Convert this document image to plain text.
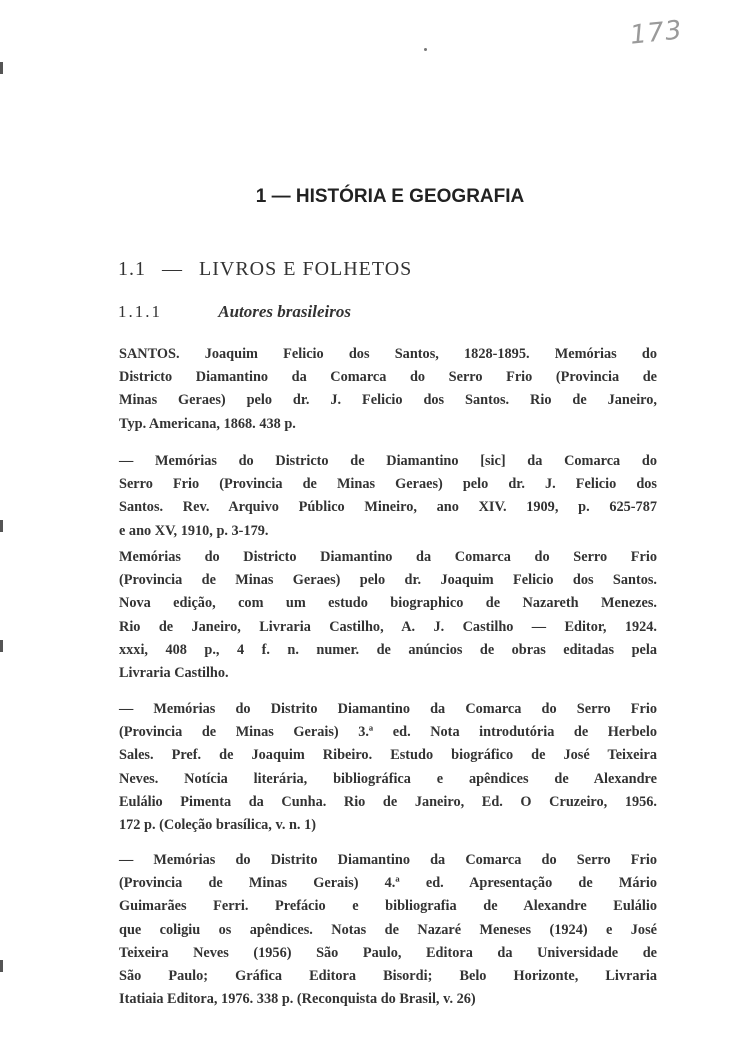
173
1 — HISTÓRIA E GEOGRAFIA
1.1 — LIVROS E FOLHETOS
1.1.1	Autores brasileiros
SANTOS. Joaquim Felicio dos Santos, 1828-1895. Memórias do
Districto Diamantino da Comarca do Serro Frio (Provincia de
Minas Geraes) pelo dr. J. Felicio dos Santos. Rio de Janeiro,
Typ. Americana, 1868. 438 p.
— Memórias do Districto de Diamantino [sic] da Comarca do
Serro Frio (Provincia de Minas Geraes) pelo dr. J. Felicio dos
Santos. Rev. Arquivo Público Mineiro, ano XIV. 1909, p. 625-787
e ano XV, 1910, p. 3-179.
Memórias do Districto Diamantino da Comarca do Serro Frio
(Provincia de Minas Geraes) pelo dr. Joaquim Felicio dos Santos.
Nova edição, com um estudo biographico de Nazareth Menezes.
Rio de Janeiro, Livraria Castilho, A. J. Castilho — Editor, 1924.
xxxi, 408 p., 4 f. n. numer. de anúncios de obras editadas pela
Livraria Castilho.
— Memórias do Distrito Diamantino da Comarca do Serro Frio
(Provincia de Minas Gerais) 3.ª ed. Nota introdutória de Herbelo
Sales. Pref. de Joaquim Ribeiro. Estudo biográfico de José Teixeira
Neves. Notícia literária, bibliográfica e apêndices de Alexandre
Eulálio Pimenta da Cunha. Rio de Janeiro, Ed. O Cruzeiro, 1956.
172 p. (Coleção brasílica, v. n. 1)
— Memórias do Distrito Diamantino da Comarca do Serro Frio
(Provincia de Minas Gerais) 4.ª ed. Apresentação de Mário
Guimarães Ferri. Prefácio e bibliografia de Alexandre Eulálio
que coligiu os apêndices. Notas de Nazaré Meneses (1924) e José
Teixeira Neves (1956) São Paulo, Editora da Universidade de
São Paulo; Gráfica Editora Bisordi; Belo Horizonte, Livraria
Itatiaia Editora, 1976. 338 p. (Reconquista do Brasil, v. 26)
